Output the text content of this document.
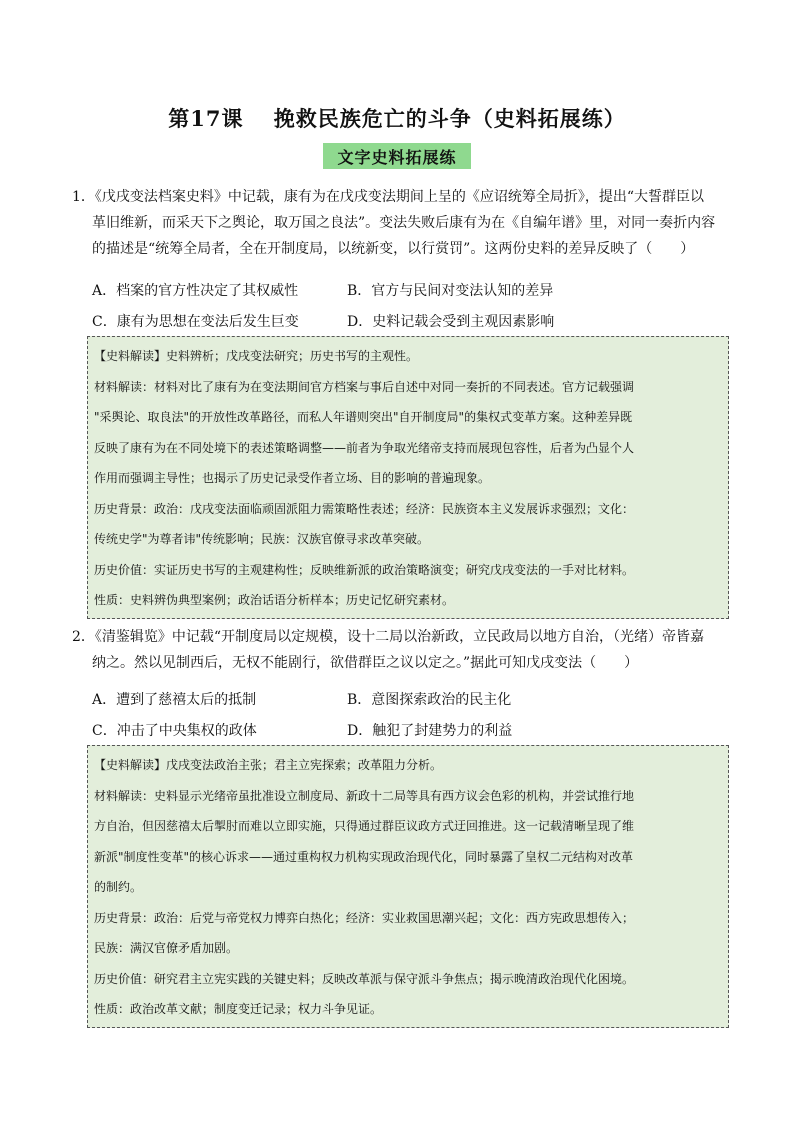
第17课　 挽救民族危亡的斗争（史料拓展练）
文字史料拓展练
1．《戊戌变法档案史料》中记载，康有为在戊戌变法期间上呈的《应诏统筹全局折》，提出“大誓群臣以
革旧维新，而采天下之舆论，取万国之良法”。变法失败后康有为在《自编年谱》里，对同一奏折内容
的描述是“统筹全局者，全在开制度局，以统新变，以行赏罚”。这两份史料的差异反映了（　　）
A．档案的官方性决定了其权威性	B．官方与民间对变法认知的差异
C．康有为思想在变法后发生巨变	D．史料记载会受到主观因素影响
【史料解读】史料辨析；戊戌变法研究；历史书写的主观性。
材料解读：材料对比了康有为在变法期间官方档案与事后自述中对同一奏折的不同表述。官方记载强调
"采舆论、取良法"的开放性改革路径，而私人年谱则突出"自开制度局"的集权式变革方案。这种差异既
反映了康有为在不同处境下的表述策略调整——前者为争取光绪帝支持而展现包容性，后者为凸显个人
作用而强调主导性；也揭示了历史记录受作者立场、目的影响的普遍现象。
历史背景：政治：戊戌变法面临顽固派阻力需策略性表述；经济：民族资本主义发展诉求强烈；文化：
传统史学"为尊者讳"传统影响；民族：汉族官僚寻求改革突破。
历史价值：实证历史书写的主观建构性；反映维新派的政治策略演变；研究戊戌变法的一手对比材料。
性质：史料辨伪典型案例；政治话语分析样本；历史记忆研究素材。
2．《清鉴辑览》中记载“开制度局以定规模，设十二局以治新政，立民政局以地方自治，（光绪）帝皆嘉
纳之。然以见制西后，无权不能剧行，欲借群臣之议以定之。”据此可知戊戌变法（　　）
A．遭到了慈禧太后的抵制	B．意图探索政治的民主化
C．冲击了中央集权的政体	D．触犯了封建势力的利益
【史料解读】戊戌变法政治主张；君主立宪探索；改革阻力分析。
材料解读：史料显示光绪帝虽批准设立制度局、新政十二局等具有西方议会色彩的机构，并尝试推行地
方自治，但因慈禧太后掣肘而难以立即实施，只得通过群臣议政方式迂回推进。这一记载清晰呈现了维
新派"制度性变革"的核心诉求——通过重构权力机构实现政治现代化，同时暴露了皇权二元结构对改革
的制约。
历史背景：政治：后党与帝党权力博弈白热化；经济：实业救国思潮兴起；文化：西方宪政思想传入；
民族：满汉官僚矛盾加剧。
历史价值：研究君主立宪实践的关键史料；反映改革派与保守派斗争焦点；揭示晚清政治现代化困境。
性质：政治改革文献；制度变迁记录；权力斗争见证。
